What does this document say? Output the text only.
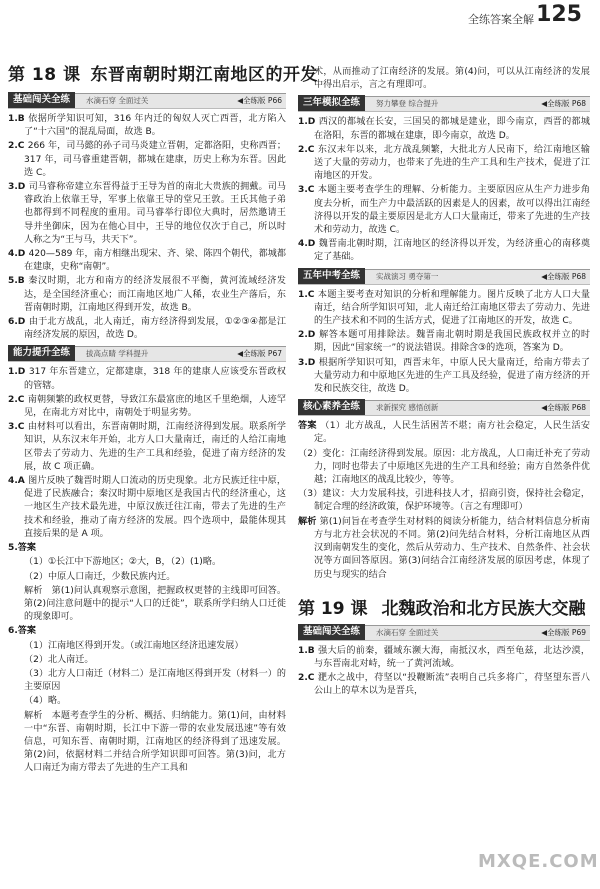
全练答案全解 125
第 18 课 东晋南朝时期江南地区的开发
基础闯关全练	水滴石穿 全面过关	◀全练版 P66

1.B 依据所学知识可知，316 年内迁的匈奴人灭亡西晋，北方陷入了“十六国”的混乱局面，故选 B。

2.C 266 年，司马懿的孙子司马炎建立晋朝，定都洛阳，史称西晋；317 年，司马睿重建晋朝，都城在建康，历史上称为东晋。因此选 C。

3.D 司马睿称帝建立东晋得益于王导为首的南北大贵族的拥戴。司马睿政治上依靠王导，军事上依靠王导的堂兄王敦。王氏其他子弟也都得到不同程度的重用。司马睿举行即位大典时，居然邀请王导并坐御床，因为在他心目中，王导的地位仅次于自己，所以时人称之为“王与马，共天下”。

4.D 420—589 年，南方相继出现宋、齐、梁、陈四个朝代，都城都在建康，史称“南朝”。

5.B 秦汉时期，北方和南方的经济发展很不平衡，黄河流域经济发达，是全国经济重心；而江南地区地广人稀，农业生产落后，东晋南朝时期，江南地区得到开发，故选 B。

6.D 由于北方战乱，北人南迁，南方经济得到发展，①②③④都是江南经济发展的原因，故选 D。

能力提升全练	拔高点睛 学科提升	◀全练版 P67

1.D 317 年东晋建立，定都建康，318 年的建康人应该受东晋政权的管辖。

2.C 南朝频繁的政权更替，导致江东最富庶的地区千里绝烟，人迹罕见，在南北方对比中，南朝处于明显劣势。

3.C 由材料可以看出，东晋南朝时期，江南经济得到发展。联系所学知识，从东汉末年开始，北方人口大量南迁，南迁的人给江南地区带去了劳动力、先进的生产工具和经验，促进了南方经济的发展，故 C 项正确。

4.A 图片反映了魏晋时期人口流动的历史现象。北方民族迁往中原，促进了民族融合；秦汉时期中原地区是我国古代的经济重心，这一地区生产技术最先进，中原汉族迁往江南，带去了先进的生产技术和经验，推动了南方经济的发展。四个选项中，最能体现其直接后果的是 A 项。

5.答案

（1）①长江中下游地区；②大，B，（2）(1)略。

（2）中原人口南迁，少数民族内迁。

解析　第(1)问认真观察示意图，把握政权更替的主线即可回答。第(2)问注意问题中的提示“人口的迁徙”，联系所学归纳人口迁徙的现象即可。

6.答案

（1）江南地区得到开发。（或江南地区经济迅速发展）

（2）北人南迁。

（3）北方人口南迁（材料二）是江南地区得到开发（材料一）的主要原因

（4）略。

解析　本题考查学生的分析、概括、归纳能力。第(1)问，由材料一中“东晋、南朝时期，长江中下游一带的农业发展迅速”等有效信息，可知东晋、南朝时期，江南地区的经济得到了迅速发展。第(2)问，依据材料二并结合所学知识即可回答。第(3)问，北方人口南迁为南方带去了先进的生产工具和

术，从而推动了江南经济的发展。第(4)问，可以从江南经济的发展中得出启示，言之有理即可。

三年模拟全练	努力攀登 综合提升	◀全练版 P68

1.D 西汉的都城在长安，三国吴的都城是建业，即今南京，西晋的都城在洛阳，东晋的都城在建康，即今南京，故选 D。

2.C 东汉末年以来，北方战乱频繁，大批北方人民南下，给江南地区输送了大量的劳动力，也带来了先进的生产工具和生产技术，促进了江南地区的开发。

3.C 本题主要考查学生的理解、分析能力。主要原因应从生产力进步角度去分析，而生产力中最活跃的因素是人的因素，故可以得出江南经济得以开发的最主要原因是北方人口大量南迁，带来了先进的生产技术和劳动力，故选 C。

4.D 魏晋南北朝时期，江南地区的经济得以开发，为经济重心的南移奠定了基础。

五年中考全练	实战演习 勇夺第一	◀全练版 P68

1.C 本题主要考查对知识的分析和理解能力。图片反映了北方人口大量南迁，结合所学知识可知，北人南迁给江南地区带去了劳动力、先进的生产技术和不同的生活方式，促进了江南地区的开发，故选 C。

2.D 解答本题可用排除法。魏晋南北朝时期是我国民族政权并立的时期，因此“国家统一”的说法错误。排除含③的选项，答案为 D。

3.D 根据所学知识可知，西晋末年，中原人民大量南迁，给南方带去了大量劳动力和中原地区先进的生产工具及经验，促进了南方经济的开发和民族交往，故选 D。

核心素养全练	求新探究 感悟创新	◀全练版 P68

答案 （1）北方战乱，人民生活困苦不堪；南方社会稳定，人民生活安定。

（2）变化：江南经济得到发展。原因：北方战乱，人口南迁补充了劳动力，同时也带去了中原地区先进的生产工具和经验；南方自然条件优越；江南地区的战乱比较少，等等。

（3）建议：大力发展科技，引进科技人才，招商引资，保持社会稳定，制定合理的经济政策，保护环境等。（言之有理即可）

解析 第(1)问旨在考查学生对材料的阅读分析能力，结合材料信息分析南方与北方社会状况的不同。第(2)问先结合材料，分析江南地区从西汉到南朝发生的变化，然后从劳动力、生产技术、自然条件、社会状况等方面回答原因。第(3)问结合江南经济发展的原因考虑，体现了历史与现实的结合

第 19 课 北魏政治和北方民族大交融
基础闯关全练	水滴石穿 全面过关	◀全练版 P69

1.B 强大后的前秦，疆域东濒大海，南抵汉水，西至龟兹，北达沙漠，与东晋南北对峙，统一了黄河流域。

2.C 淝水之战中，苻坚以“投鞭断流”表明自己兵多将广，苻坚望东晋八公山上的草木以为是晋兵，

MXQE.COM
